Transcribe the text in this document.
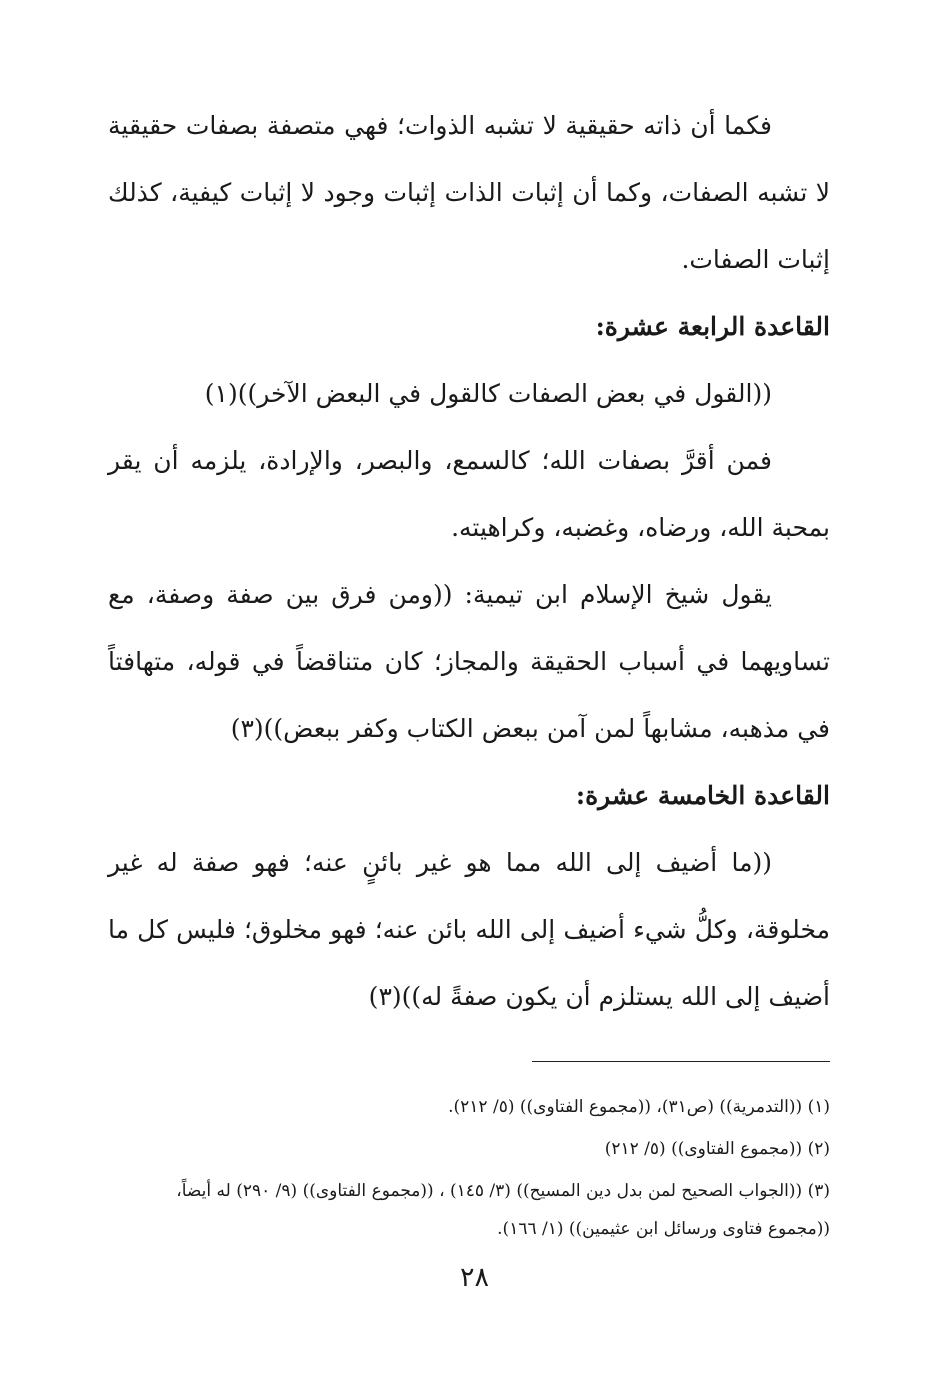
فكما أن ذاته حقيقية لا تشبه الذوات؛ فهي متصفة بصفات حقيقية لا تشبه الصفات، وكما أن إثبات الذات إثبات وجود لا إثبات كيفية، كذلك إثبات الصفات.

القاعدة الرابعة عشرة:

((القول في بعض الصفات كالقول في البعض الآخر))(١)

فمن أقرَّ بصفات الله؛ كالسمع، والبصر، والإرادة، يلزمه أن يقر بمحبة الله، ورضاه، وغضبه، وكراهيته.

يقول شيخ الإسلام ابن تيمية: ((ومن فرق بين صفة وصفة، مع تساويهما في أسباب الحقيقة والمجاز؛ كان متناقضاً في قوله، متهافتاً في مذهبه، مشابهاً لمن آمن ببعض الكتاب وكفر ببعض))(٣)

القاعدة الخامسة عشرة:

((ما أضيف إلى الله مما هو غير بائنٍ عنه؛ فهو صفة له غير مخلوقة، وكلُّ شيء أضيف إلى الله بائن عنه؛ فهو مخلوق؛ فليس كل ما أضيف إلى الله يستلزم أن يكون صفةً له))(٣)

(١) ((التدمرية)) (ص٣١)، ((مجموع الفتاوى)) (٥/ ٢١٢).

(٢) ((مجموع الفتاوى)) (٥/ ٢١٢)

(٣) ((الجواب الصحيح لمن بدل دين المسيح)) (٣/ ١٤٥) ، ((مجموع الفتاوى)) (٩/ ٢٩٠) له أيضاً،

((مجموع فتاوى ورسائل ابن عثيمين)) (١/ ١٦٦).

٢٨
